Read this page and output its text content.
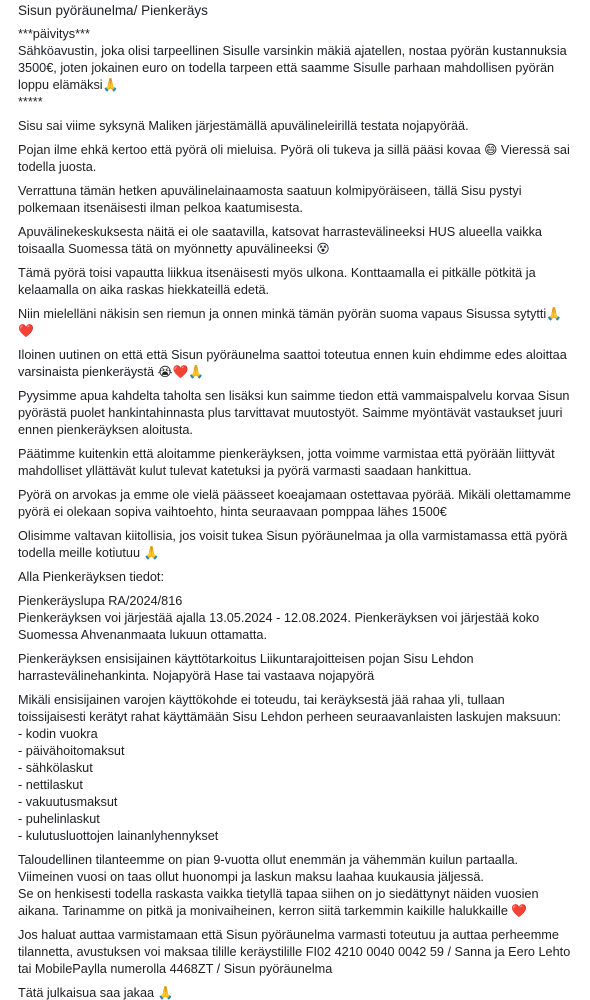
Sisun pyöräunelma/ Pienkeräys
***päivitys***
Sähköavustin, joka olisi tarpeellinen Sisulle varsinkin mäkiä ajatellen, nostaa pyörän kustannuksia 3500€, joten jokainen euro on todella tarpeen että saamme Sisulle parhaan mahdollisen pyörän loppu elämäksi🙏
*****
Sisu sai viime syksynä Maliken järjestämällä apuvälineleirillä testata nojapyörää.
Pojan ilme ehkä kertoo että pyörä oli mieluisa. Pyörä oli tukeva ja sillä pääsi kovaa 😄 Vieressä sai todella juosta.
Verrattuna tämän hetken apuvälinelainaamosta saatuun kolmipyöräiseen, tällä Sisu pystyi polkemaan itsenäisesti ilman pelkoa kaatumisesta.
Apuvälinekeskuksesta näitä ei ole saatavilla, katsovat harrastevälineeksi HUS alueella vaikka toisaalla Suomessa tätä on myönnetty apuvälineeksi 😵
Tämä pyörä toisi vapautta liikkua itsenäisesti myös ulkona. Konttaamalla ei pitkälle pötkitä ja kelaamalla on aika raskas hiekkateillä edetä.
Niin mielelläni näkisin sen riemun ja onnen minkä tämän pyörän suoma vapaus Sisussa sytytti🙏❤️
Iloinen uutinen on että että Sisun pyöräunelma saattoi toteutua ennen kuin ehdimme edes aloittaa varsinaista pienkeräystä 😭❤️🙏
Pyysimme apua kahdelta taholta sen lisäksi kun saimme tiedon että vammaispalvelu korvaa Sisun pyörästä puolet hankintahinnasta plus tarvittavat muutostyöt. Saimme myöntävät vastaukset juuri ennen pienkeräyksen aloitusta.
Päätimme kuitenkin että aloitamme pienkeräyksen, jotta voimme varmistaa että pyörään liittyvät mahdolliset yllättävät kulut tulevat katetuksi ja pyörä varmasti saadaan hankittua.
Pyörä on arvokas ja emme ole vielä päässeet koeajamaan ostettavaa pyörää. Mikäli olettamamme pyörä ei olekaan sopiva vaihtoehto, hinta seuraavaan pomppaa lähes 1500€
Olisimme valtavan kiitollisia, jos voisit tukea Sisun pyöräunelmaa ja olla varmistamassa että pyörä todella meille kotiutuu 🙏
Alla Pienkeräyksen tiedot:
Pienkeräyslupa RA/2024/816
Pienkeräyksen voi järjestää ajalla 13.05.2024 - 12.08.2024. Pienkeräyksen voi järjestää koko Suomessa Ahvenanmaata lukuun ottamatta.
Pienkeräyksen ensisijainen käyttötarkoitus Liikuntarajoitteisen pojan Sisu Lehdon harrastevälinehankinta. Nojapyörä Hase tai vastaava nojapyörä
Mikäli ensisijainen varojen käyttökohde ei toteudu, tai keräyksestä jää rahaa yli, tullaan toissijaisesti kerätyt rahat käyttämään Sisu Lehdon perheen seuraavanlaisten laskujen maksuun:
- kodin vuokra
- päivähoitomaksut
- sähkölaskut
- nettilaskut
- vakuutusmaksut
- puhelinlaskut
- kulutusluottojen lainanlyhennykset
Taloudellinen tilanteemme on pian 9-vuotta ollut enemmän ja vähemmän kuilun partaalla. Viimeinen vuosi on taas ollut huonompi ja laskun maksu laahaa kuukausia jäljessä.
Se on henkisesti todella raskasta vaikka tietyllä tapaa siihen on jo siedättynyt näiden vuosien aikana. Tarinamme on pitkä ja monivaiheinen, kerron siitä tarkemmin kaikille halukkaille ❤️
Jos haluat auttaa varmistamaan että Sisun pyöräunelma varmasti toteutuu ja auttaa perheemme tilannetta, avustuksen voi maksaa tilille keräystilille FI02 4210 0040 0042 59 / Sanna ja Eero Lehto tai MobilePaylla numerolla 4468ZT / Sisun pyöräunelma
Tätä julkaisua saa jakaa 🙏
